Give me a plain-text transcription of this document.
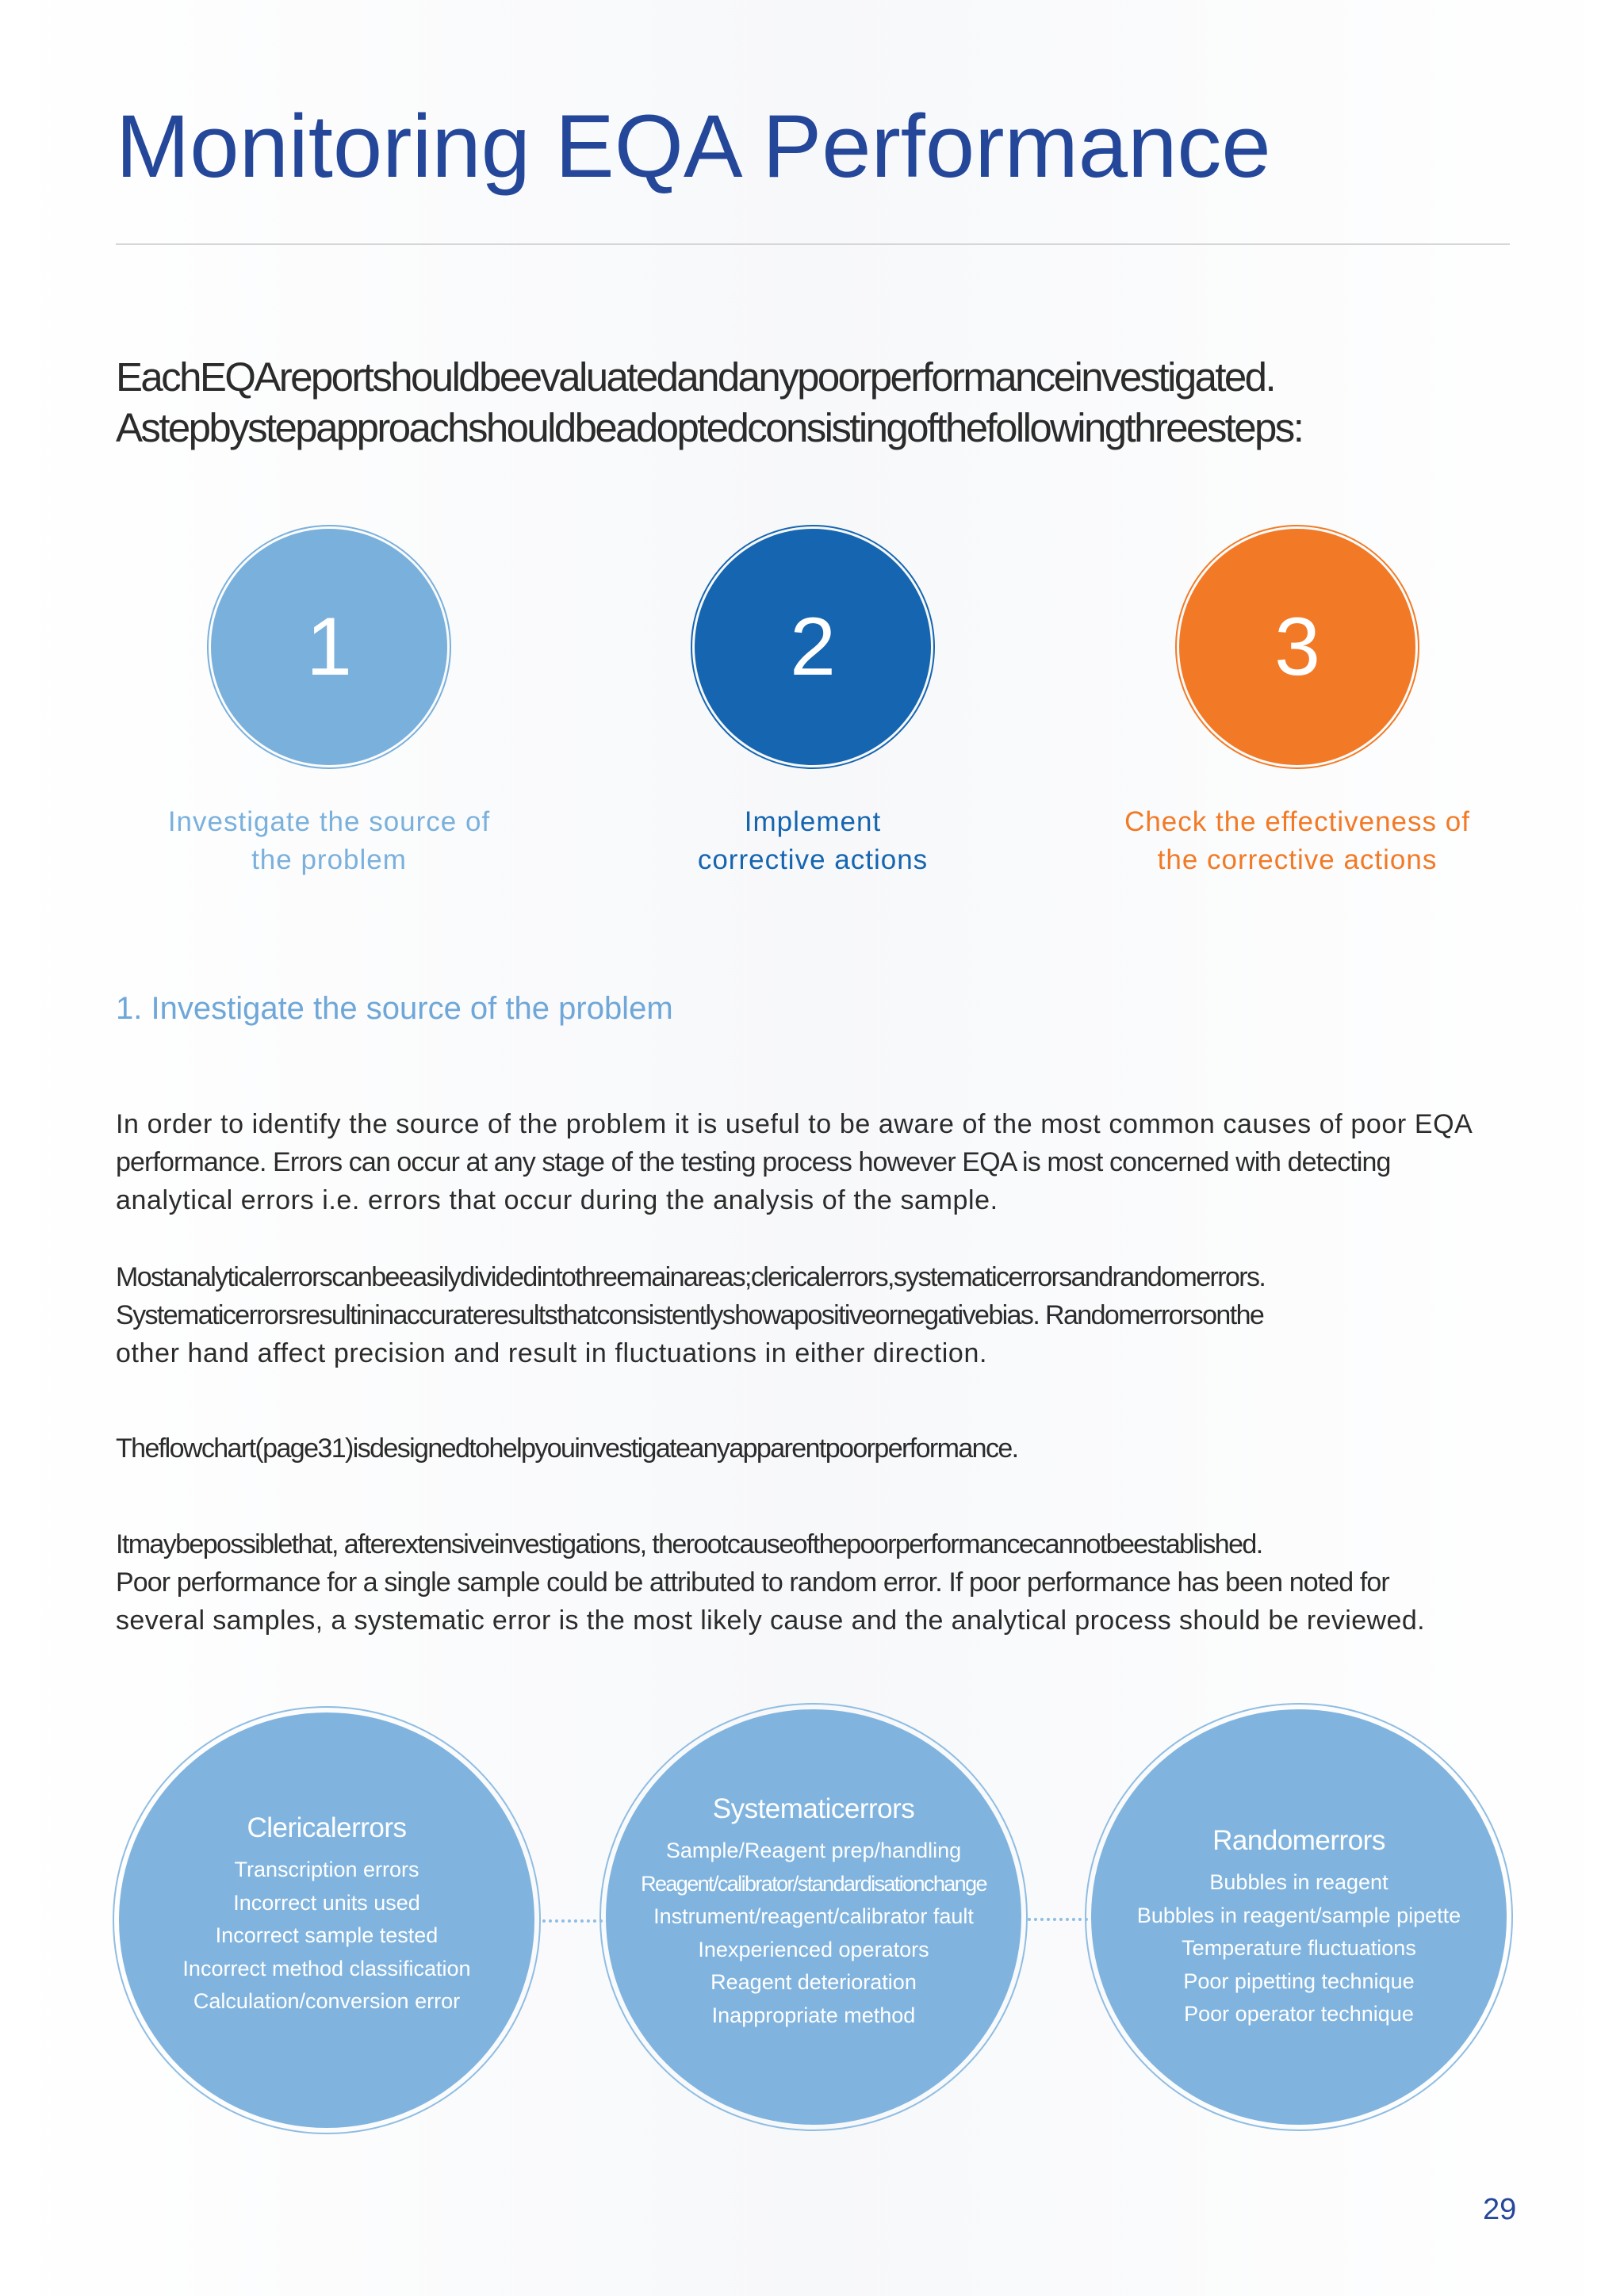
Monitoring EQA Performance
EachEQAreportshouldbeevaluatedandanypoorperformanceinvestigated.
Astepbystepapproachshouldbeadoptedconsistingofthefollowingthreesteps:
1	2	3
Investigate the source of
the problem
Implement
corrective actions
Check the effectiveness of
the corrective actions
1. Investigate the source of the problem
In order to identify the source of the problem it is useful to be aware of the most common causes of poor EQA
performance. Errors can occur at any stage of the testing process however EQA is most concerned with detecting
analytical errors i.e. errors that occur during the analysis of the sample.
Mostanalyticalerrorscanbeeasilydividedintothreemainareas;clericalerrors,systematicerrorsandrandomerrors.
Systematicerrorsresultininaccurateresultsthatconsistentlyshowapositiveornegativebias. Randomerrorsonthe
other hand affect precision and result in fluctuations in either direction.
Theflowchart(page31)isdesignedtohelpyouinvestigateanyapparentpoorperformance.
Itmaybepossiblethat, afterextensiveinvestigations, therootcauseofthepoorperformancecannotbeestablished.
Poor performance for a single sample could be attributed to random error. If poor performance has been noted for
several samples, a systematic error is the most likely cause and the analytical process should be reviewed.
Clericalerrors
Transcription errors
Incorrect units used
Incorrect sample tested
Incorrect method classification
Calculation/conversion error
Systematicerrors
Sample/Reagent prep/handling
Reagent/calibrator/standardisationchange
Instrument/reagent/calibrator fault
Inexperienced operators
Reagent deterioration
Inappropriate method
Randomerrors
Bubbles in reagent
Bubbles in reagent/sample pipette
Temperature fluctuations
Poor pipetting technique
Poor operator technique
29
